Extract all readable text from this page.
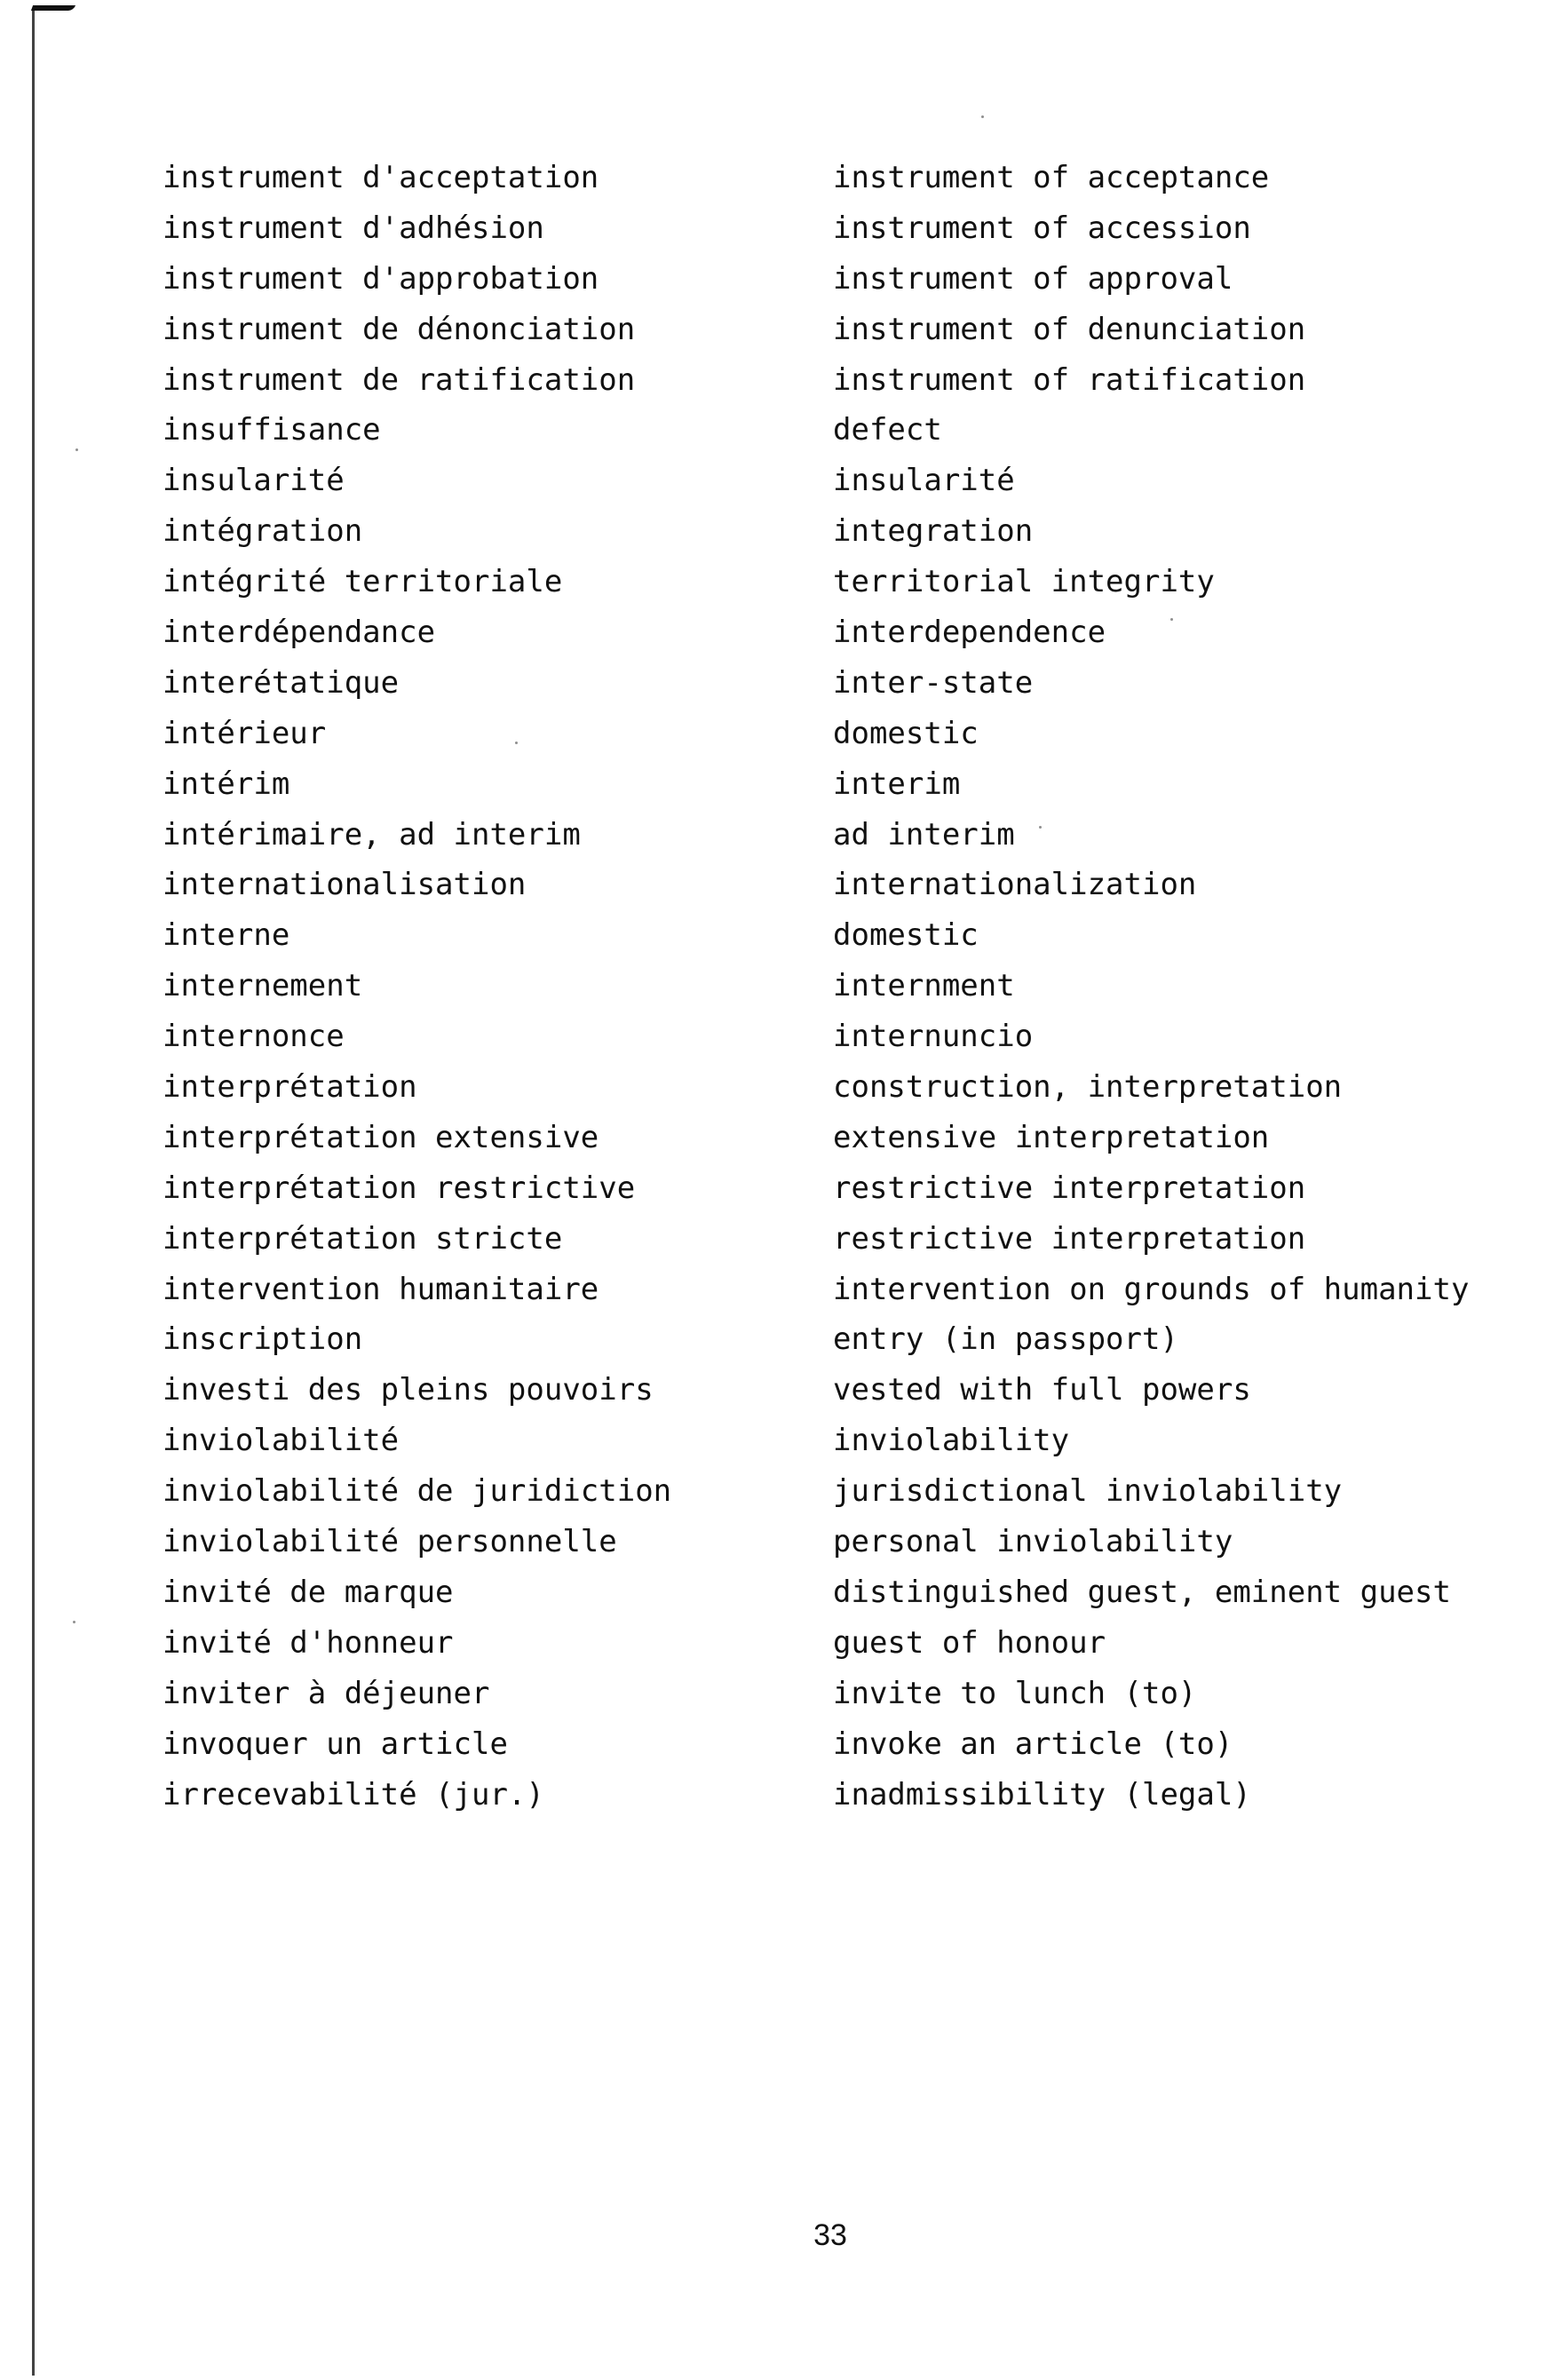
instrument d'acceptation
instrument d'adhésion
instrument d'approbation
instrument de dénonciation
instrument de ratification
insuffisance
insularité
intégration
intégrité territoriale
interdépendance
interétatique
intérieur
intérim
intérimaire, ad interim
internationalisation
interne
internement
internonce
interprétation
interprétation extensive
interprétation restrictive
interprétation stricte
intervention humanitaire
inscription
investi des pleins pouvoirs
inviolabilité
inviolabilité de juridiction
inviolabilité personnelle
invité de marque
invité d'honneur
inviter à déjeuner
invoquer un article
irrecevabilité (jur.)
instrument of acceptance
instrument of accession
instrument of approval
instrument of denunciation
instrument of ratification
defect
insularité
integration
territorial integrity
interdependence
inter-state
domestic
interim
ad interim
internationalization
domestic
internment
internuncio
construction, interpretation
extensive interpretation
restrictive interpretation
restrictive interpretation
intervention on grounds of humanity
entry (in passport)
vested with full powers
inviolability
jurisdictional inviolability
personal inviolability
distinguished guest, eminent guest
guest of honour
invite to lunch (to)
invoke an article (to)
inadmissibility (legal)
33
